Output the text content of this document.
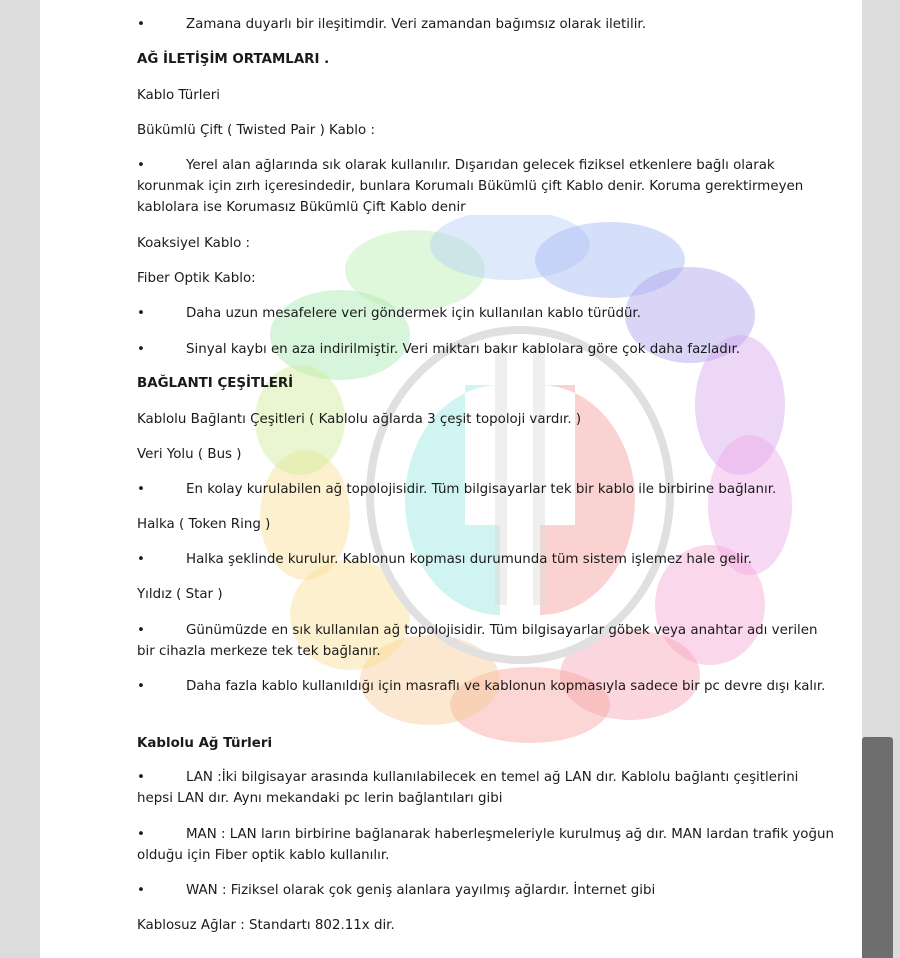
•	Zamana duyarlı bir ileşitimdir. Veri zamandan bağımsız olarak iletilir.
AĞ İLETİŞİM ORTAMLARI .
Kablo Türleri
Bükümlü Çift ( Twisted Pair ) Kablo :
•	Yerel alan ağlarında sık olarak kullanılır. Dışarıdan gelecek fiziksel etkenlere bağlı olarak korunmak için zırh içeresindedir, bunlara Korumalı Bükümlü çift Kablo denir. Koruma gerektirmeyen kablolara ise Korumasız Bükümlü Çift Kablo denir
Koaksiyel Kablo :
Fiber Optik Kablo:
•	Daha uzun mesafelere veri göndermek için kullanılan kablo türüdür.
•	Sinyal kaybı en aza indirilmiştir. Veri miktarı bakır kablolara göre çok daha fazladır.
BAĞLANTI ÇEŞİTLERİ
Kablolu Bağlantı Çeşitleri ( Kablolu ağlarda 3 çeşit topoloji vardır. )
Veri Yolu ( Bus )
•	En kolay kurulabilen ağ topolojisidir. Tüm bilgisayarlar tek bir kablo ile birbirine bağlanır.
Halka ( Token Ring )
•	Halka şeklinde kurulur. Kablonun kopması durumunda tüm sistem işlemez hale gelir.
Yıldız ( Star )
•	Günümüzde en sık kullanılan ağ topolojisidir. Tüm bilgisayarlar göbek veya anahtar adı verilen bir cihazla merkeze tek tek bağlanır.
•	Daha fazla kablo kullanıldığı için masraflı ve kablonun kopmasıyla sadece bir pc devre dışı kalır.
Kablolu Ağ Türleri
•	LAN :İki bilgisayar arasında kullanılabilecek en temel ağ LAN dır. Kablolu bağlantı çeşitlerini hepsi LAN dır. Aynı mekandaki pc lerin bağlantıları gibi
•	MAN : LAN ların birbirine bağlanarak haberleşmeleriyle kurulmuş ağ dır. MAN lardan trafik yoğun olduğu için Fiber optik kablo kullanılır.
•	WAN : Fiziksel olarak çok geniş alanlara yayılmış ağlardır. İnternet gibi
Kablosuz Ağlar : Standartı 802.11x dir.
